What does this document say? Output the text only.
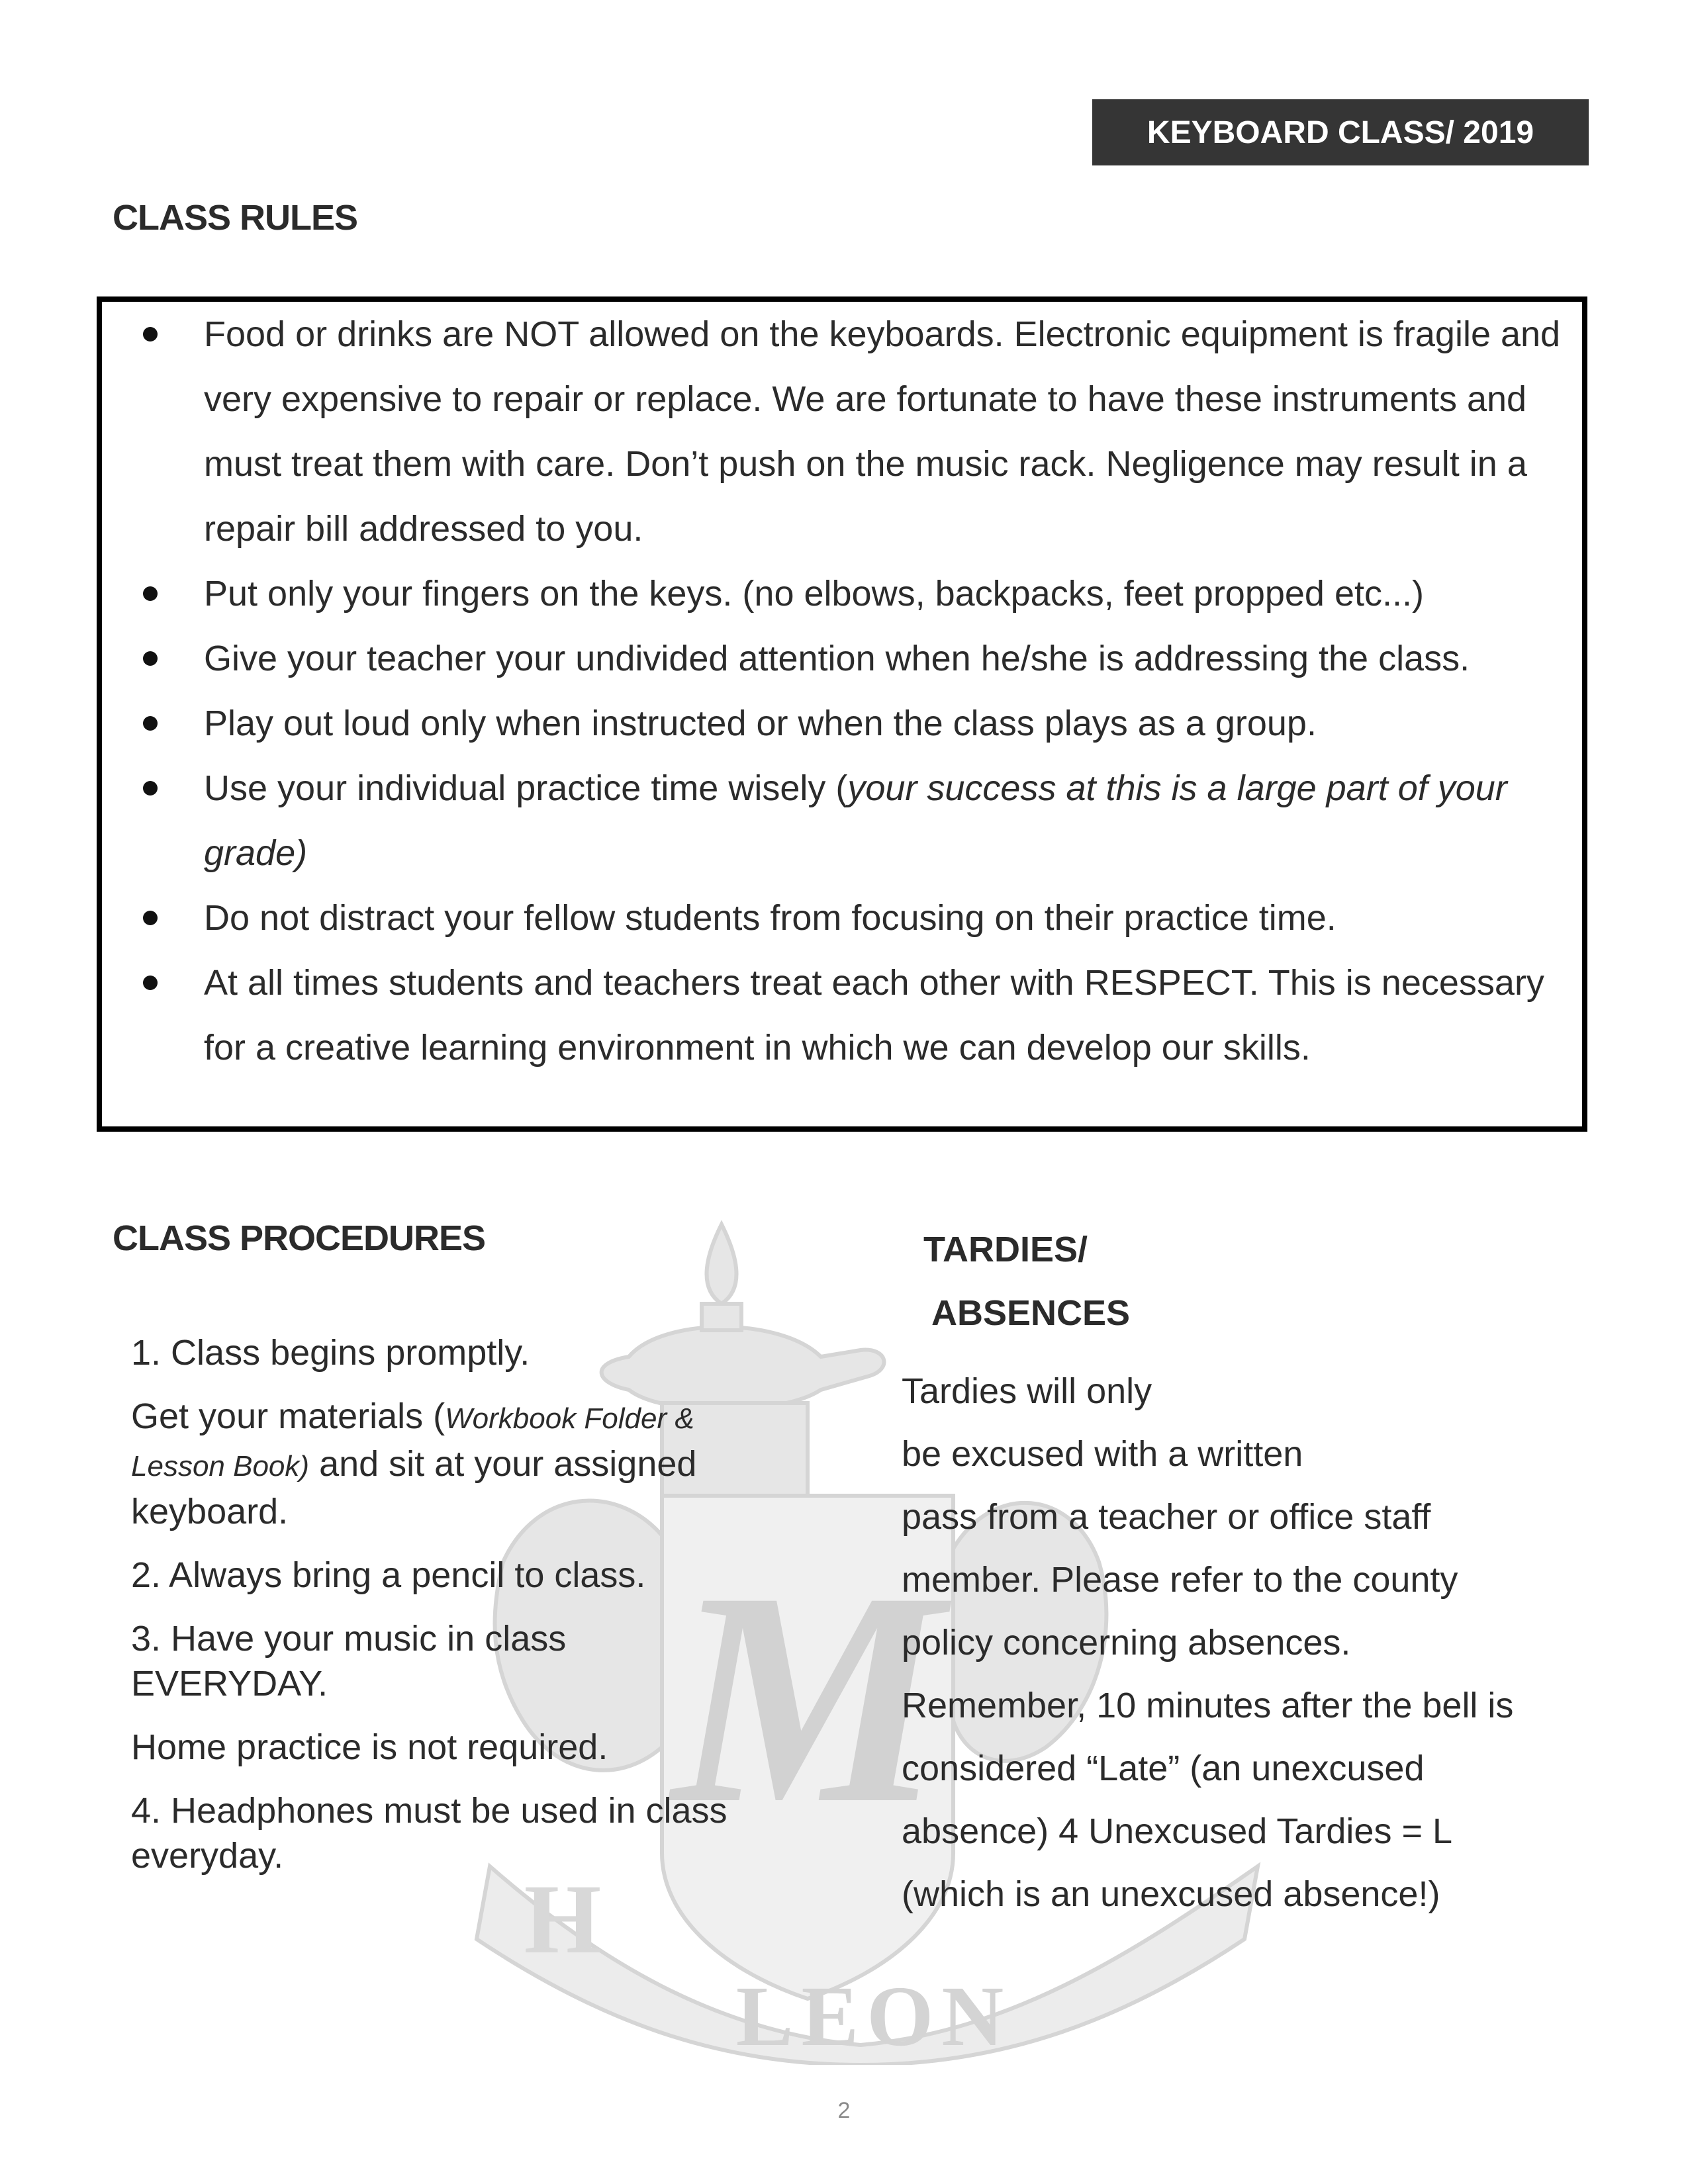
M
H
LEON
KEYBOARD CLASS/ 2019
CLASS RULES
Food or drinks are NOT allowed on the keyboards. Electronic equipment is fragile and very expensive to repair or replace. We are fortunate to have these instruments and must treat them with care. Don’t push on the music rack. Negligence may result in a repair bill addressed to you.
Put only your fingers on the keys. (no elbows, backpacks, feet propped etc...)
Give your teacher your undivided attention when he/she is addressing the class.
Play out loud only when instructed or when the class plays as a group.
Use your individual practice time wisely (your success at this is a large part of your grade)
Do not distract your fellow students from focusing on their practice time.
At all times students and teachers treat each other with RESPECT. This is necessary for a creative learning environment in which we can develop our skills.
CLASS PROCEDURES

1. Class begins promptly.

Get your materials (Workbook Folder & Lesson Book) and sit at your assigned keyboard.

2. Always bring a pencil to class.

3. Have your music in class EVERYDAY.

Home practice is not required.

4. Headphones must be used in class everyday.

TARDIES/
ABSENCES
Tardies will only
be excused with a written
pass from a teacher or office staff
member. Please refer to the county
policy concerning absences.
Remember, 10 minutes after the bell is
considered “Late” (an unexcused
absence) 4 Unexcused Tardies = L
(which is an unexcused absence!)
2
